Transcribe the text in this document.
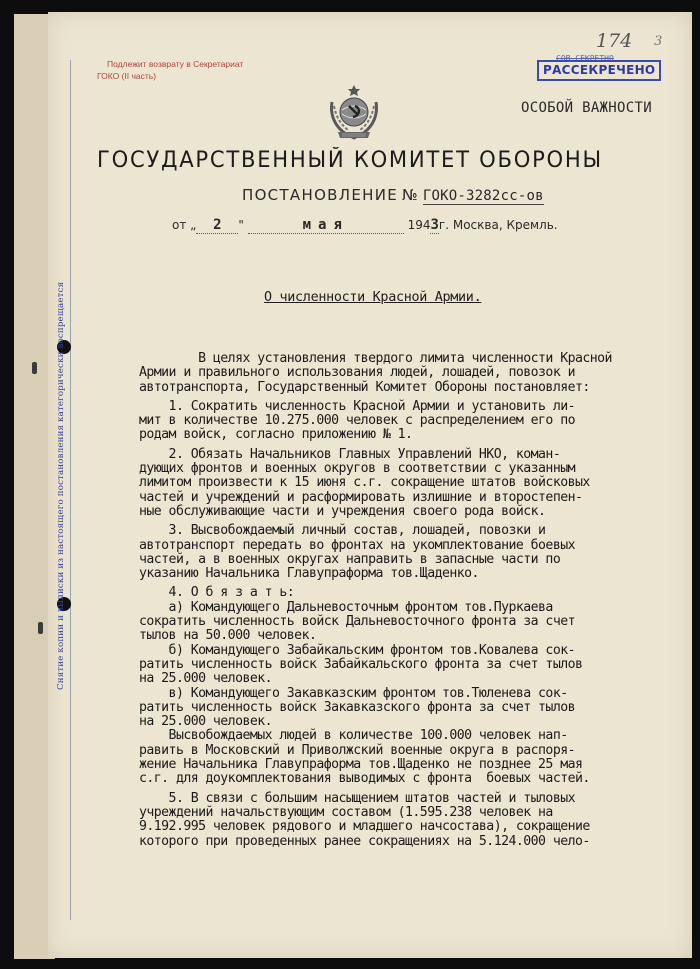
Снятие копии и выписки из настоящего постановления категорически воспрещается
Подлежит возврату в Секретариат
ГОКО (II часть)
174 3
СОВ.СЕКРЕТНО
РАССЕКРЕЧЕНО
ОСОБОЙ ВАЖНОСТИ
ГОСУДАРСТВЕННЫЙ КОМИТЕТ ОБОРОНЫ
ПОСТАНОВЛЕНИЕ № ГОКО-3282сс-ов
от „ 2 "	мая	1943г. Москва, Кремль.
О численности Красной Армии.
В целях установления твердого лимита численности Красной
Армии и правильного использования людей, лошадей, повозок и
автотранспорта, Государственный Комитет Обороны постановляет:
1. Сократить численность Красной Армии и установить ли-
мит в количестве 10.275.000 человек с распределением его по
родам войск, согласно приложению № 1.
2. Обязать Начальников Главных Управлений НКО, коман-
дующих фронтов и военных округов в соответствии с указанным
лимитом произвести к 15 июня с.г. сокращение штатов войсковых
частей и учреждений и расформировать излишние и второстепен-
ные обслуживающие части и учреждения своего рода войск.
3. Высвобождаемый личный состав, лошадей, повозки и
автотранспорт передать во фронтах на укомплектование боевых
частей, а в военных округах направить в запасные части по
указанию Начальника Главупраформа тов.Щаденко.
4. О б я з а т ь:
а) Командующего Дальневосточным фронтом тов.Пуркаева
сократить численность войск Дальневосточного фронта за счет
тылов на 50.000 человек.
б) Командующего Забайкальским фронтом тов.Ковалева сок-
ратить численность войск Забайкальского фронта за счет тылов
на 25.000 человек.
в) Командующего Закавказским фронтом тов.Тюленева сок-
ратить численность войск Закавказского фронта за счет тылов
на 25.000 человек.
Высвобождаемых людей в количестве 100.000 человек нап-
равить в Московский и Приволжский военные округа в распоря-
жение Начальника Главупраформа тов.Щаденко не позднее 25 мая
с.г. для доукомплектования выводимых с фронта  боевых частей.
5. В связи с большим насыщением штатов частей и тыловых
учреждений начальствующим составом (1.595.238 человек на
9.192.995 человек рядового и младшего начсостава), сокращение
которого при проведенных ранее сокращениях на 5.124.000 чело-
